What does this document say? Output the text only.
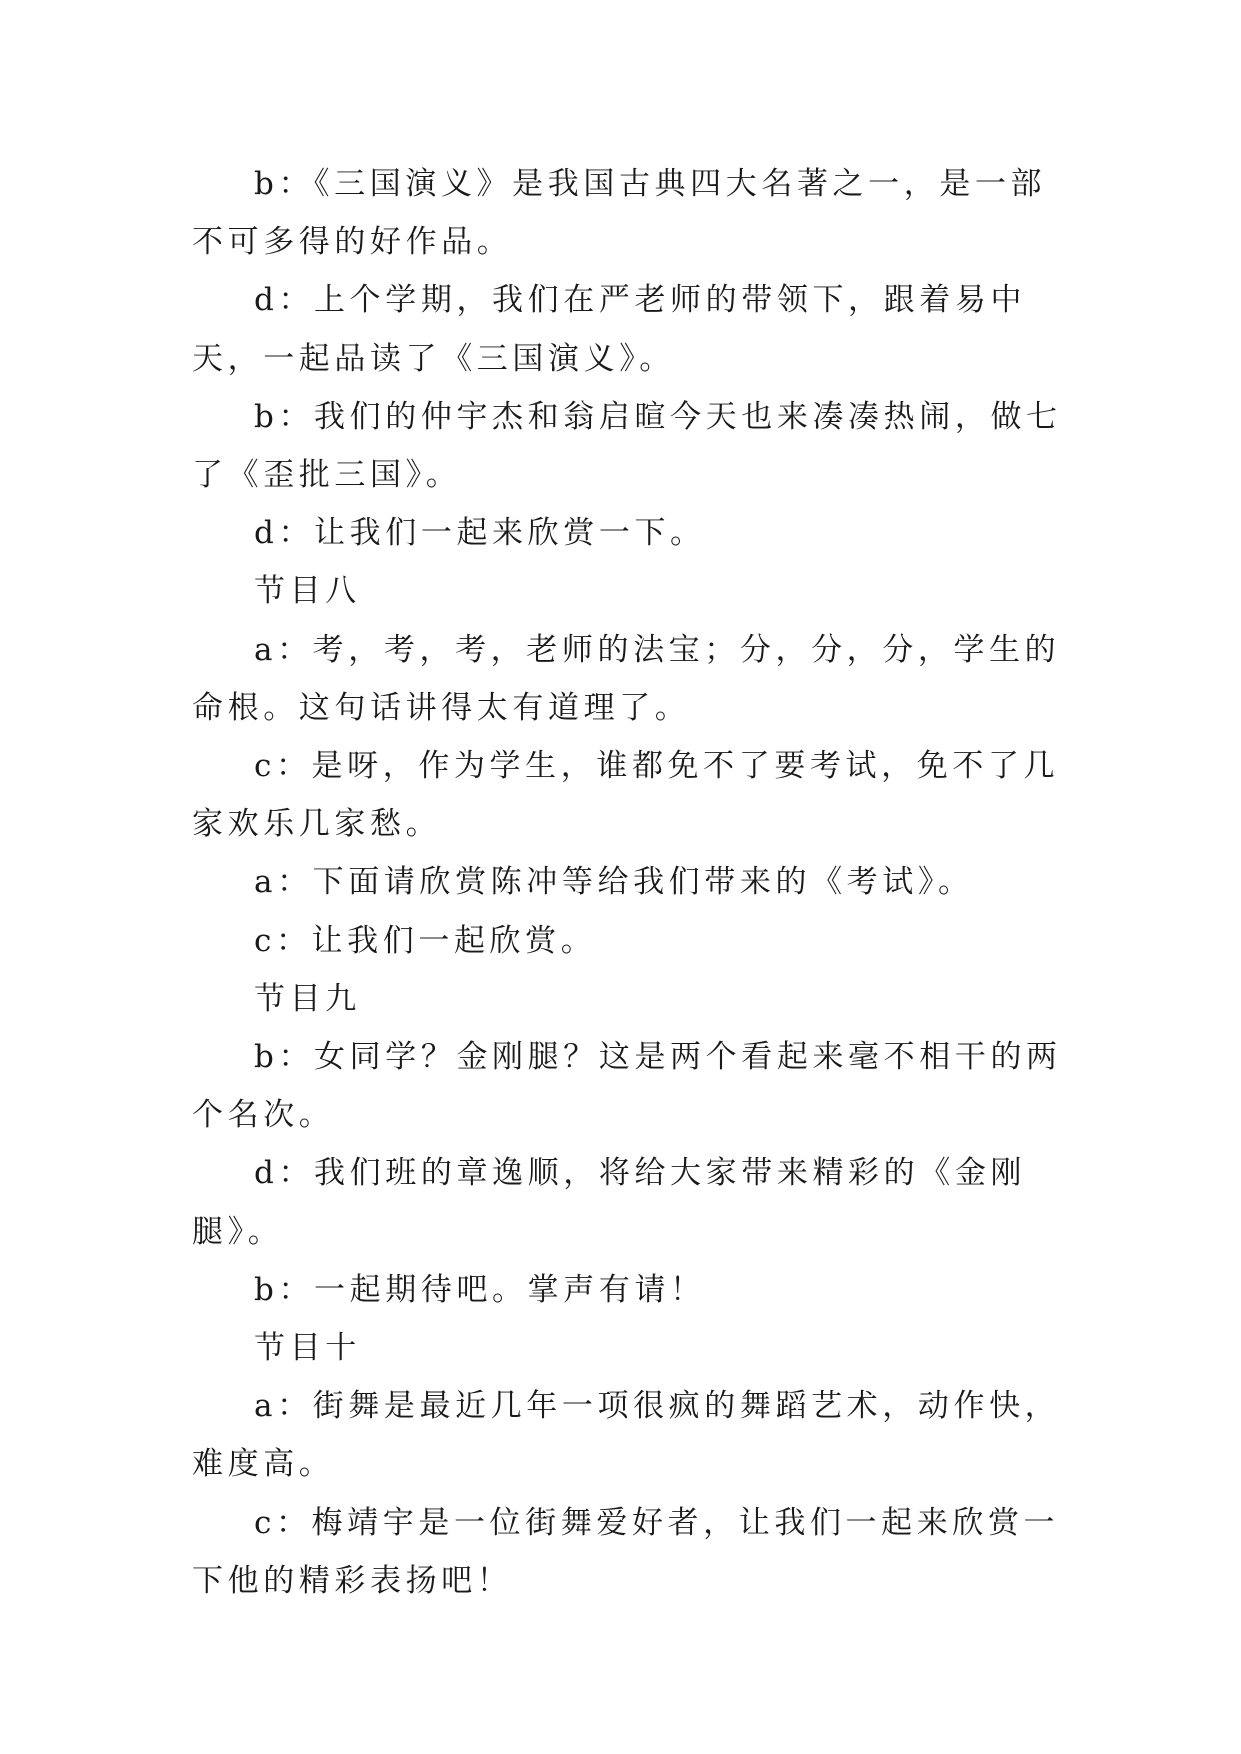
b：《三国演义》是我国古典四大名著之一，是一部不可多得的好作品。

d：上个学期，我们在严老师的带领下，跟着易中天，一起品读了《三国演义》。

b：我们的仲宇杰和翁启暄今天也来凑凑热闹，做七了《歪批三国》。

d：让我们一起来欣赏一下。

节目八

a：考，考，考，老师的法宝；分，分，分，学生的命根。这句话讲得太有道理了。

c：是呀，作为学生，谁都免不了要考试，免不了几家欢乐几家愁。

a：下面请欣赏陈冲等给我们带来的《考试》。

c：让我们一起欣赏。

节目九

b：女同学？金刚腿？这是两个看起来毫不相干的两个名次。

d：我们班的章逸顺，将给大家带来精彩的《金刚腿》。

b：一起期待吧。掌声有请！

节目十

a：街舞是最近几年一项很疯的舞蹈艺术，动作快，难度高。

c：梅靖宇是一位街舞爱好者，让我们一起来欣赏一下他的精彩表扬吧！
